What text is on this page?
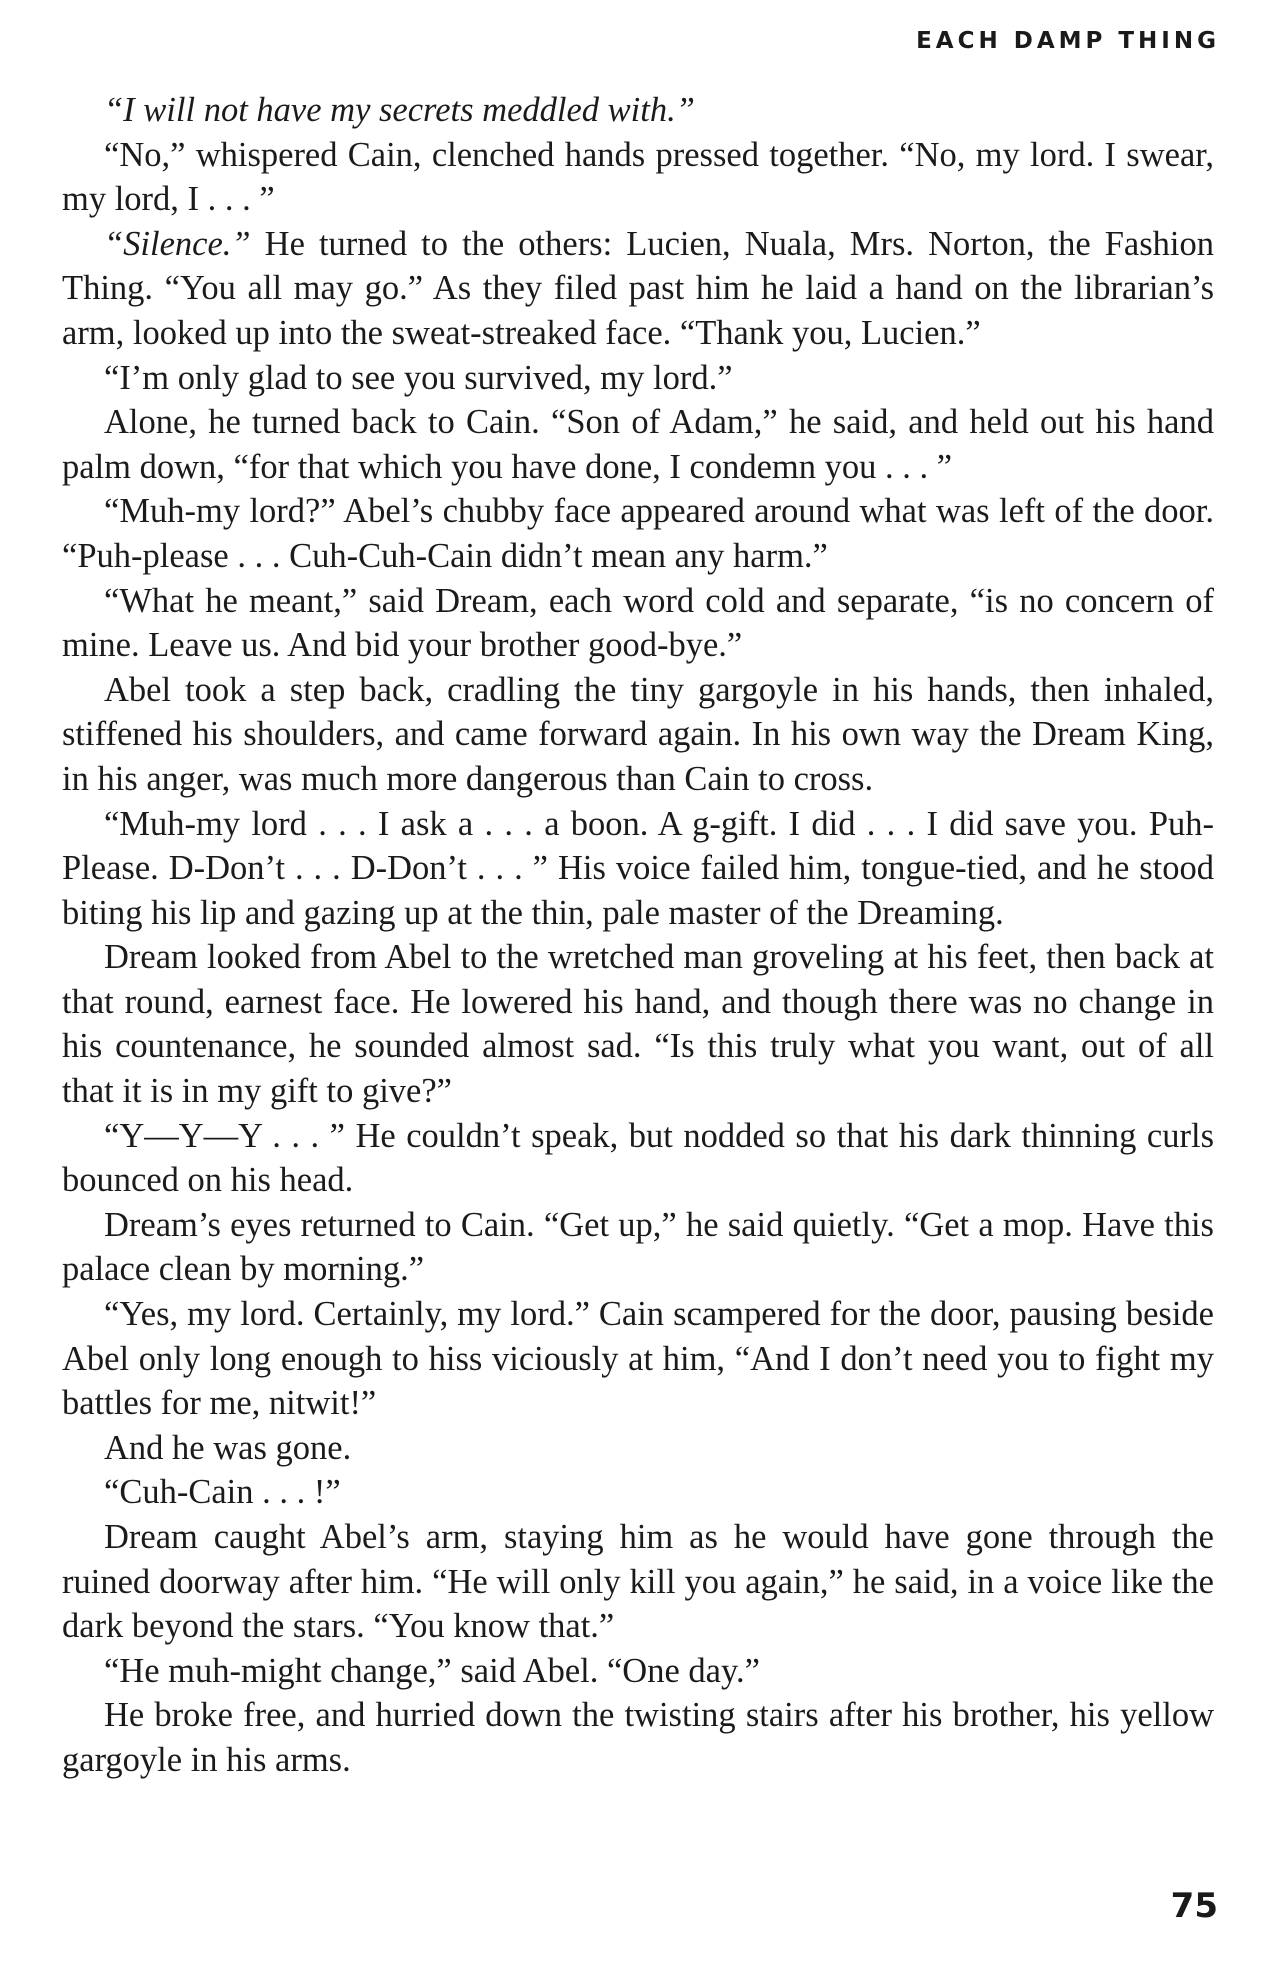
EACH DAMP THING

“I will not have my secrets meddled with.”

“No,” whispered Cain, clenched hands pressed together. “No, my lord. I swear, my lord, I . . . ”

“Silence.” He turned to the others: Lucien, Nuala, Mrs. Norton, the Fashion Thing. “You all may go.” As they filed past him he laid a hand on the librarian’s arm, looked up into the sweat-streaked face. “Thank you, Lucien.”

“I’m only glad to see you survived, my lord.”

Alone, he turned back to Cain. “Son of Adam,” he said, and held out his hand palm down, “for that which you have done, I condemn you . . . ”

“Muh-my lord?” Abel’s chubby face appeared around what was left of the door. “Puh-please . . . Cuh-Cuh-Cain didn’t mean any harm.”

“What he meant,” said Dream, each word cold and separate, “is no concern of mine. Leave us. And bid your brother good-bye.”

Abel took a step back, cradling the tiny gargoyle in his hands, then inhaled, stiffened his shoulders, and came forward again. In his own way the Dream King, in his anger, was much more dangerous than Cain to cross.

“Muh-my lord . . . I ask a . . . a boon. A g-gift. I did . . . I did save you. Puh-Please. D-Don’t . . . D-Don’t . . . ” His voice failed him, tongue-tied, and he stood biting his lip and gazing up at the thin, pale master of the Dreaming.

Dream looked from Abel to the wretched man groveling at his feet, then back at that round, earnest face. He lowered his hand, and though there was no change in his countenance, he sounded almost sad. “Is this truly what you want, out of all that it is in my gift to give?”

“Y—Y—Y . . . ” He couldn’t speak, but nodded so that his dark thinning curls bounced on his head.

Dream’s eyes returned to Cain. “Get up,” he said quietly. “Get a mop. Have this palace clean by morning.”

“Yes, my lord. Certainly, my lord.” Cain scampered for the door, pausing beside Abel only long enough to hiss viciously at him, “And I don’t need you to fight my battles for me, nitwit!”

And he was gone.

“Cuh-Cain . . . !”

Dream caught Abel’s arm, staying him as he would have gone through the ruined doorway after him. “He will only kill you again,” he said, in a voice like the dark beyond the stars. “You know that.”

“He muh-might change,” said Abel. “One day.”

He broke free, and hurried down the twisting stairs after his brother, his yellow gargoyle in his arms.

75
